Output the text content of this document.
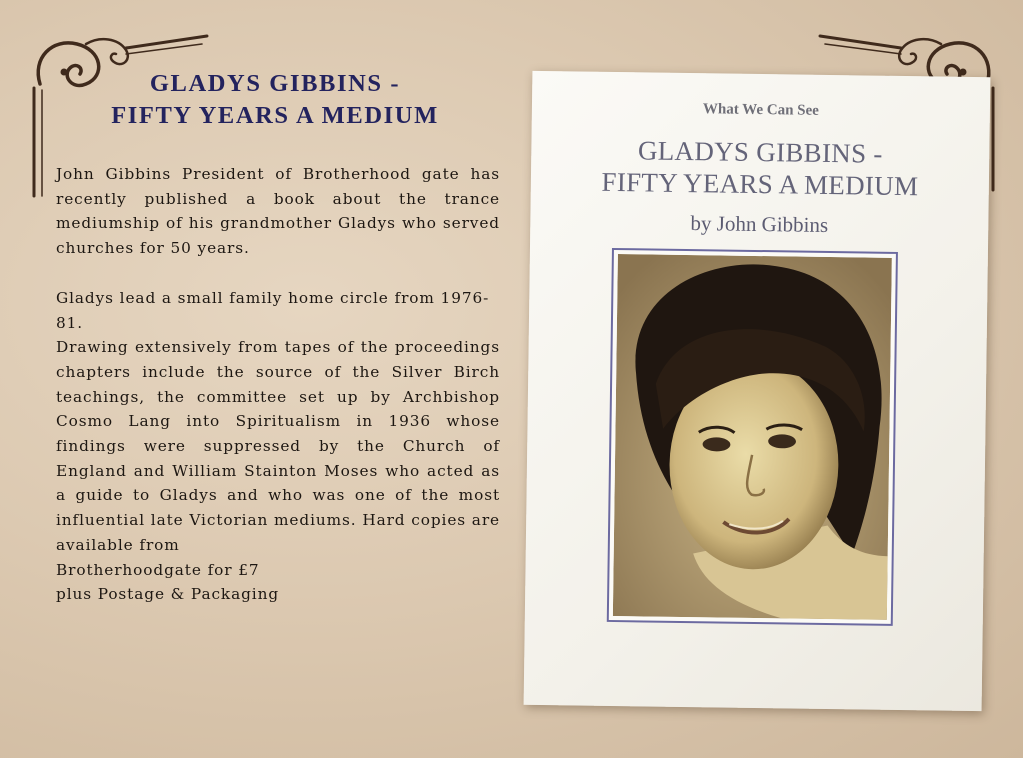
GLADYS GIBBINS -
FIFTY YEARS A MEDIUM

John Gibbins President of Brotherhood gate has recently published a book about the trance mediumship of his grandmother Gladys who served churches for 50 years.

Gladys lead a small family home circle from 1976-81.

Drawing extensively from tapes of the proceedings chapters include the source of the Silver Birch teachings, the committee set up by Archbishop Cosmo Lang into Spiritualism in 1936 whose findings were suppressed by the Church of England and William Stainton Moses who acted as a guide to Gladys and who was one of the most influential late Victorian mediums. Hard copies are available from

Brotherhoodgate for £7

plus Postage & Packaging

What We Can See
GLADYS GIBBINS -
FIFTY YEARS A MEDIUM
by John Gibbins
